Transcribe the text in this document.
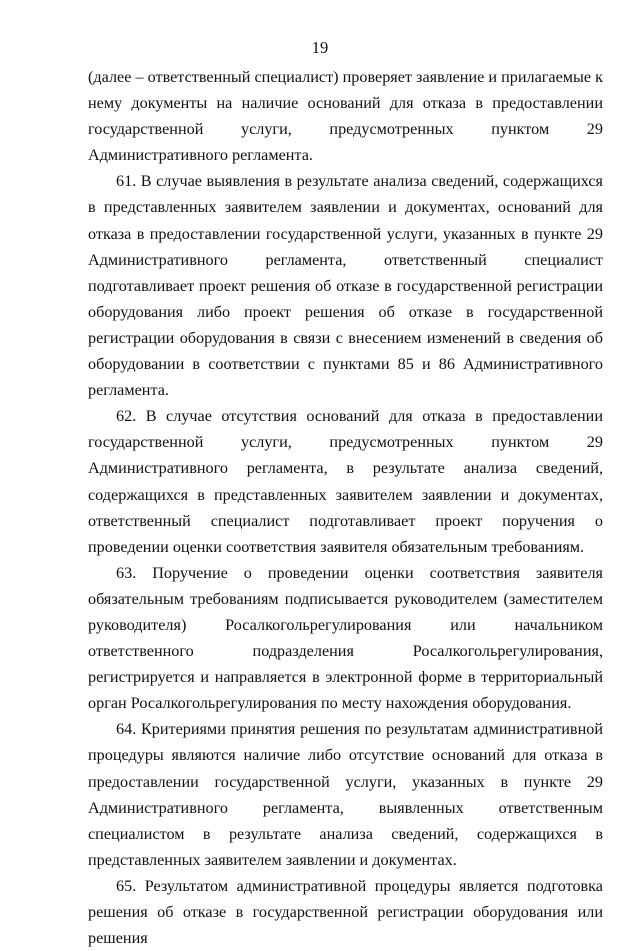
19

(далее – ответственный специалист) проверяет заявление и прилагаемые к нему документы на наличие оснований для отказа в предоставлении государственной услуги, предусмотренных пунктом 29 Административного регламента.

61. В случае выявления в результате анализа сведений, содержащихся в представленных заявителем заявлении и документах, оснований для отказа в предоставлении государственной услуги, указанных в пункте 29 Административного регламента, ответственный специалист подготавливает проект решения об отказе в государственной регистрации оборудования либо проект решения об отказе в государственной регистрации оборудования в связи с внесением изменений в сведения об оборудовании в соответствии с пунктами 85 и 86 Административного регламента.

62. В случае отсутствия оснований для отказа в предоставлении государственной услуги, предусмотренных пунктом 29 Административного регламента, в результате анализа сведений, содержащихся в представленных заявителем заявлении и документах, ответственный специалист подготавливает проект поручения о проведении оценки соответствия заявителя обязательным требованиям.

63. Поручение о проведении оценки соответствия заявителя обязательным требованиям подписывается руководителем (заместителем руководителя) Росалкогольрегулирования или начальником ответственного подразделения Росалкогольрегулирования, регистрируется и направляется в электронной форме в территориальный орган Росалкогольрегулирования по месту нахождения оборудования.

64. Критериями принятия решения по результатам административной процедуры являются наличие либо отсутствие оснований для отказа в предоставлении государственной услуги, указанных в пункте 29 Административного регламента, выявленных ответственным специалистом в результате анализа сведений, содержащихся в представленных заявителем заявлении и документах.

65. Результатом административной процедуры является подготовка решения об отказе в государственной регистрации оборудования или решения
